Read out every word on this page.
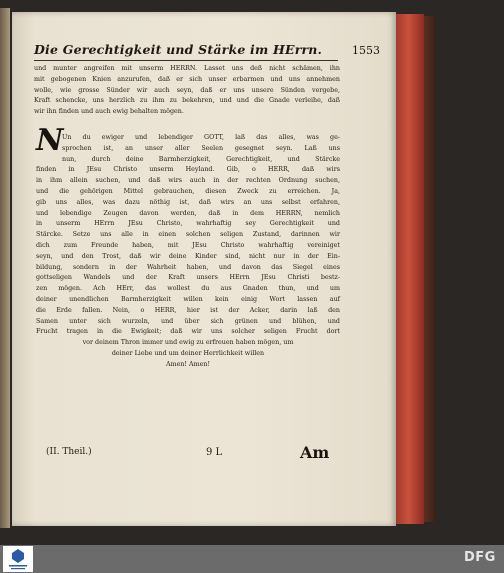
Die Gerechtigkeit und Stärke im HErrn.	1553
und munter angreifen mit unserm HERRN. Lasset uns deß nicht schämen, ihn
mit gebogenen Knien anzurufen, daß er sich unser erbarmen und uns annehmen
wolle, wie grosse Sünder wir auch seyn, daß er uns unsere Sünden vergebe,
Kraft schencke, uns herzlich zu ihm zu bekehren, und und die Gnade verleihe, daß
wir ihn finden und auch ewig behalten mögen.
N
Un du ewiger und lebendiger GOTT, laß das alles, was ge-
sprochen ist, an unser aller Seelen gesegnet seyn. Laß uns
nun, durch deine Barmherzigkeit, Gerechtigkeit, und Stärcke
finden in JEsu Christo unserm Heyland. Gib, o HERR, daß wirs
in ihm allein suchen, und daß wirs auch in der rechten Ordnung suchen,
und die gehörigen Mittel gebrauchen, diesen Zweck zu erreichen. Ja,
gib uns alles, was dazu nöthig ist, daß wirs an uns selbst erfahren,
und lebendige Zeugen davon werden, daß in dem HERRN, nemlich
in unserm HErrn JEsu Christo, wahrhaftig sey Gerechtigkeit und
Stärcke. Setze uns alle in einen solchen seligen Zustand, darinnen wir
dich zum Freunde haben, mit JEsu Christo wahrhaftig vereiniget
seyn, und den Trost, daß wir deine Kinder sind, nicht nur in der Ein-
bildung, sondern in der Wahrheit haben, und davon das Siegel eines
gottseligen Wandels und der Kraft unsers HErrn JEsu Christi bestz-
zen mögen. Ach HErr, das wollest du aus Gnaden thun, und um
deiner unendlichen Barmherzigkeit willen kein einig Wort lassen auf
die Erde fallen. Nein, o HERR, hier ist der Acker, darin laß den
Samen unter sich wurzeln, und über sich grünen und blühen, und
Frucht tragen in die Ewigkeit; daß wir uns solcher seligen Frucht dort
vor deinem Thron immer und ewig zu erfreuen haben mögen, um
deiner Liebe und um deiner Herrlichkeit willen
Amen! Amen!
(II. Theil.)	9 L	Am
DFG
